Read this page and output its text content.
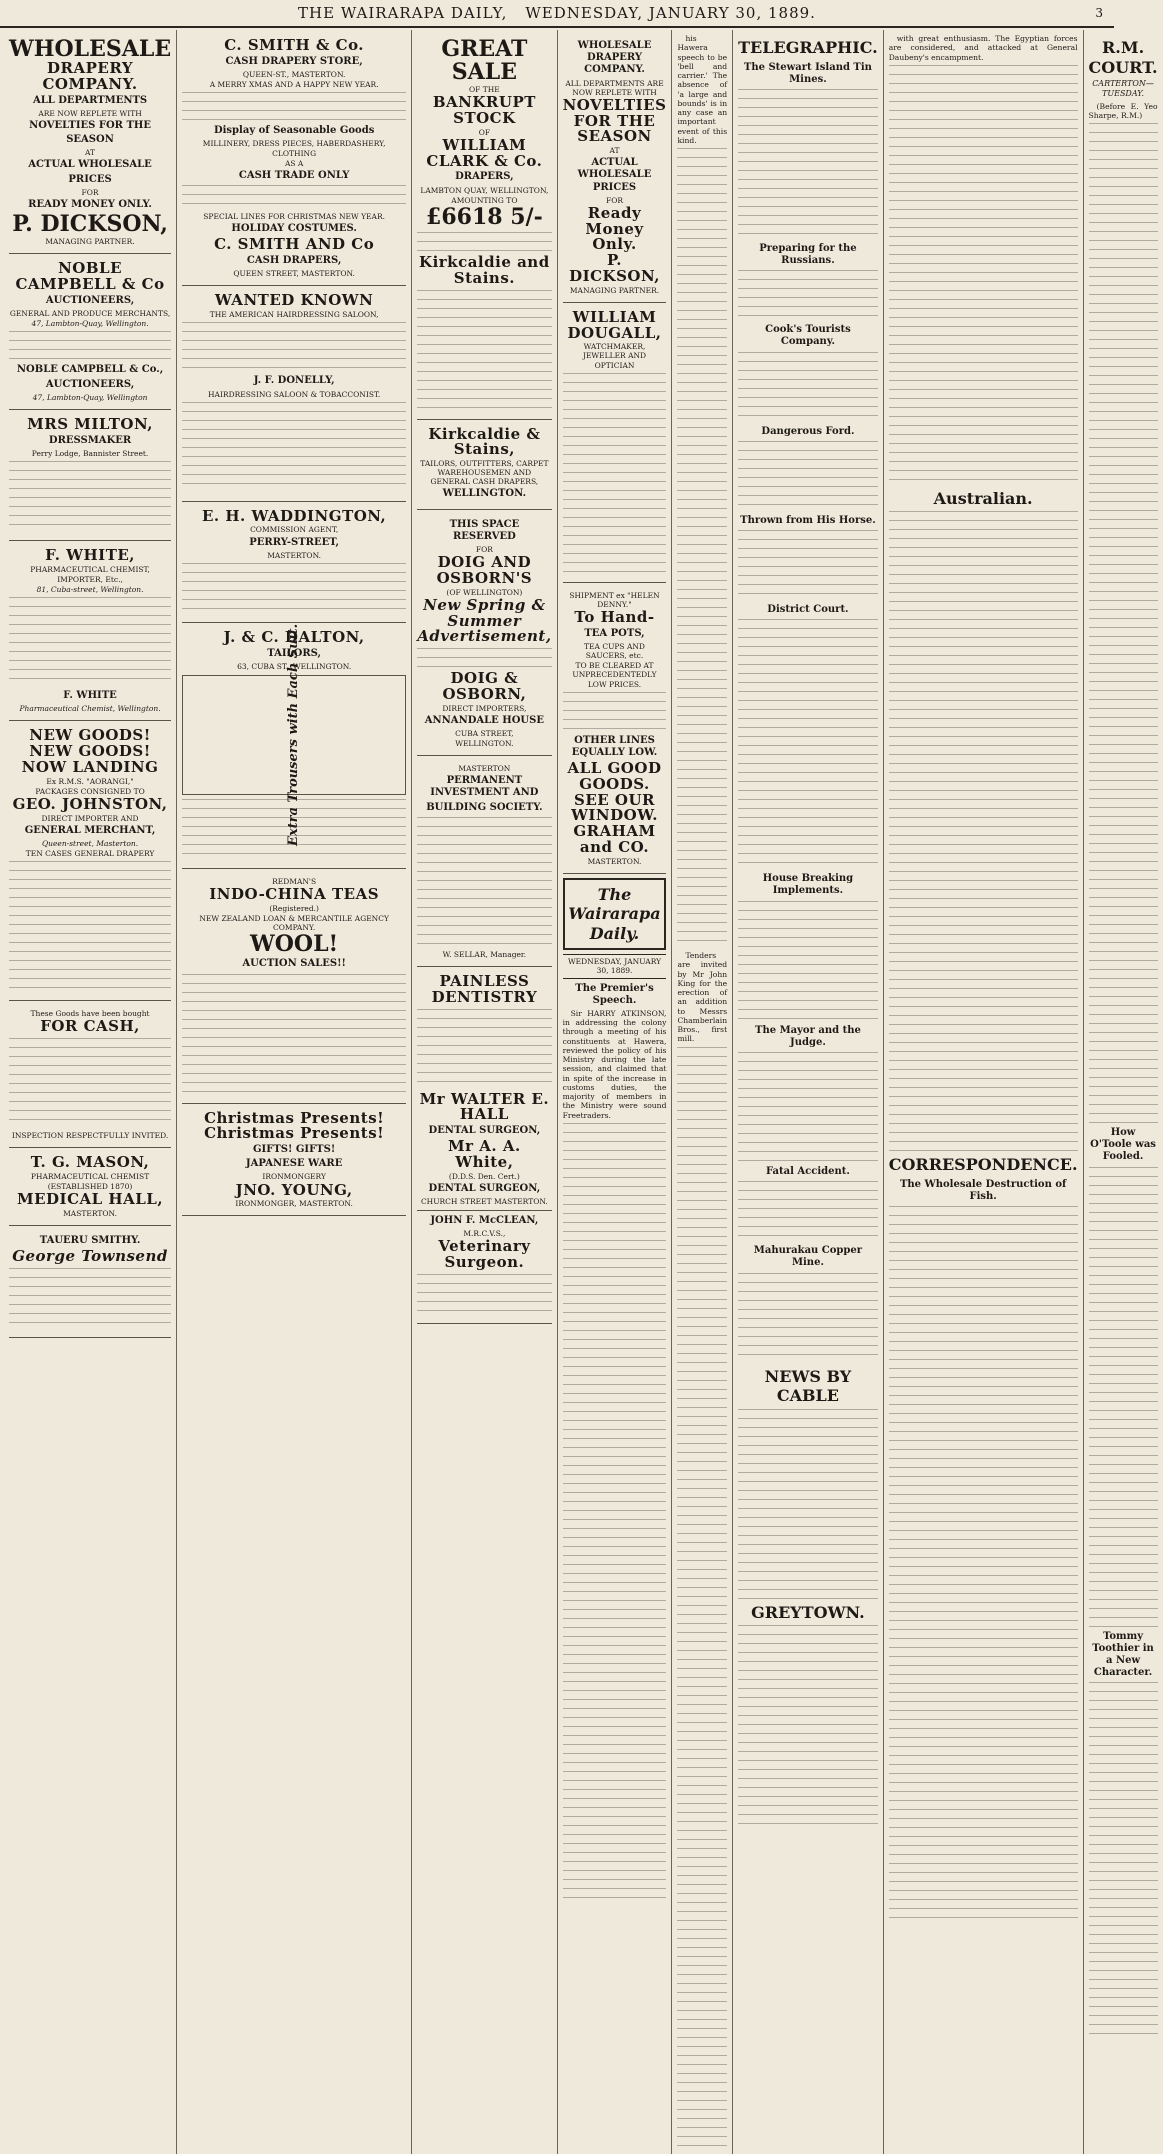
THE WAIRARAPA DAILY, WEDNESDAY, JANUARY 30, 1889.	3
WHOLESALE
DRAPERY
COMPANY.
ALL DEPARTMENTS
ARE NOW REPLETE WITH
NOVELTIES FOR THE
SEASON
AT
ACTUAL WHOLESALE
PRICES
FOR
READY MONEY ONLY.
P. DICKSON,
MANAGING PARTNER.
NOBLE CAMPBELL & Co
AUCTIONEERS,
GENERAL AND PRODUCE MERCHANTS,
47, Lambton-Quay, Wellington.
NOBLE CAMPBELL & Co.,
AUCTIONEERS,
47, Lambton-Quay, Wellington
MRS MILTON,
DRESSMAKER
Perry Lodge, Bannister Street.
F. WHITE,
PHARMACEUTICAL CHEMIST,
IMPORTER, Etc.,
81, Cuba-street, Wellington.
F. WHITE
Pharmaceutical Chemist, Wellington.
NEW GOODS!
NEW GOODS!
NOW LANDING
Ex R.M.S. "AORANGI,"
PACKAGES CONSIGNED TO
GEO. JOHNSTON,
DIRECT IMPORTER AND
GENERAL MERCHANT,
Queen-street, Masterton.
TEN CASES GENERAL DRAPERY
These Goods have been bought
FOR CASH,
INSPECTION RESPECTFULLY INVITED.
T. G. MASON,
PHARMACEUTICAL CHEMIST
(ESTABLISHED 1870)
MEDICAL HALL,
MASTERTON.
TAUERU SMITHY.
George Townsend
C. SMITH & Co.
CASH DRAPERY STORE,
QUEEN-ST., MASTERTON.
A MERRY XMAS AND A HAPPY NEW YEAR.
Display of Seasonable Goods
MILLINERY, DRESS PIECES, HABERDASHERY, CLOTHING
AS A
CASH TRADE ONLY
SPECIAL LINES FOR CHRISTMAS NEW YEAR.
HOLIDAY COSTUMES.
C. SMITH AND Co
CASH DRAPERS,
QUEEN STREET, MASTERTON.
WANTED KNOWN
THE AMERICAN HAIRDRESSING SALOON,
J. F. DONELLY,
HAIRDRESSING SALOON & TOBACCONIST.
E. H. WADDINGTON,
COMMISSION AGENT,
PERRY-STREET,
MASTERTON.
J. & C. DALTON,
TAILORS,
63, CUBA ST., WELLINGTON.
Extra Trousers with Each Suit.
REDMAN'S
INDO-CHINA TEAS
(Registered.)
NEW ZEALAND LOAN & MERCANTILE AGENCY COMPANY.
WOOL!
AUCTION SALES!!
Christmas Presents!
Christmas Presents!
GIFTS! GIFTS!
JAPANESE WARE
IRONMONGERY
JNO. YOUNG,
IRONMONGER, MASTERTON.
GREAT SALE
OF THE
BANKRUPT STOCK
OF
WILLIAM CLARK & Co.
DRAPERS,
LAMBTON QUAY, WELLINGTON,
AMOUNTING TO
£6618 5/-
Kirkcaldie and Stains.
Kirkcaldie & Stains,
TAILORS, OUTFITTERS, CARPET WAREHOUSEMEN AND GENERAL CASH DRAPERS,
WELLINGTON.
THIS SPACE RESERVED
FOR
DOIG AND OSBORN'S
(OF WELLINGTON)
New Spring & Summer
Advertisement,
DOIG & OSBORN,
DIRECT IMPORTERS,
ANNANDALE HOUSE
CUBA STREET,
WELLINGTON.
MASTERTON
PERMANENT INVESTMENT AND
BUILDING SOCIETY.
W. SELLAR, Manager.
PAINLESS DENTISTRY
Mr WALTER E. HALL
DENTAL SURGEON,
Mr A. A. White,
(D.D.S. Den. Cert.)
DENTAL SURGEON,
CHURCH STREET MASTERTON.
JOHN F. McCLEAN,
M.R.C.V.S.,
Veterinary Surgeon.
WHOLESALE DRAPERY COMPANY.
ALL DEPARTMENTS ARE NOW REPLETE WITH
NOVELTIES FOR THE SEASON
AT
ACTUAL WHOLESALE PRICES
FOR
Ready Money Only.
P. DICKSON,
MANAGING PARTNER.
WILLIAM DOUGALL,
WATCHMAKER, JEWELLER AND OPTICIAN
SHIPMENT ex "HELEN DENNY."
To Hand-
TEA POTS,
TEA CUPS AND SAUCERS, etc.
TO BE CLEARED AT UNPRECEDENTEDLY LOW PRICES.
OTHER LINES EQUALLY LOW.
ALL GOOD GOODS.
SEE OUR WINDOW.
GRAHAM and CO.
MASTERTON.
The Wairarapa Daily.
WEDNESDAY, JANUARY 30, 1889.
The Premier's Speech.

Sir HARRY ATKINSON, in addressing the colony through a meeting of his constituents at Hawera, reviewed the policy of his Ministry during the late session, and claimed that in spite of the increase in customs duties, the majority of members in the Ministry were sound Freetraders.

his Hawera speech to be 'bell and carrier.' The absence of 'a large and bounds' is in any case an important event of this kind.

Tenders are invited by Mr John King for the erection of an addition to Messrs Chamberlain Bros., first mill.

TELEGRAPHIC.
The Stewart Island Tin Mines.
Preparing for the Russians.
Cook's Tourists Company.
Dangerous Ford.
Thrown from His Horse.
District Court.
House Breaking Implements.
The Mayor and the Judge.
Fatal Accident.
Mahurakau Copper Mine.
NEWS BY CABLE
GREYTOWN.

with great enthusiasm. The Egyptian forces are considered, and attacked at General Daubeny's encampment.

Australian.
CORRESPONDENCE.
The Wholesale Destruction of Fish.
R.M. COURT.
CARTERTON—TUESDAY.

(Before E. Yeo Sharpe, R.M.)

How O'Toole was Fooled.
Tommy Toothier in a New Character.
